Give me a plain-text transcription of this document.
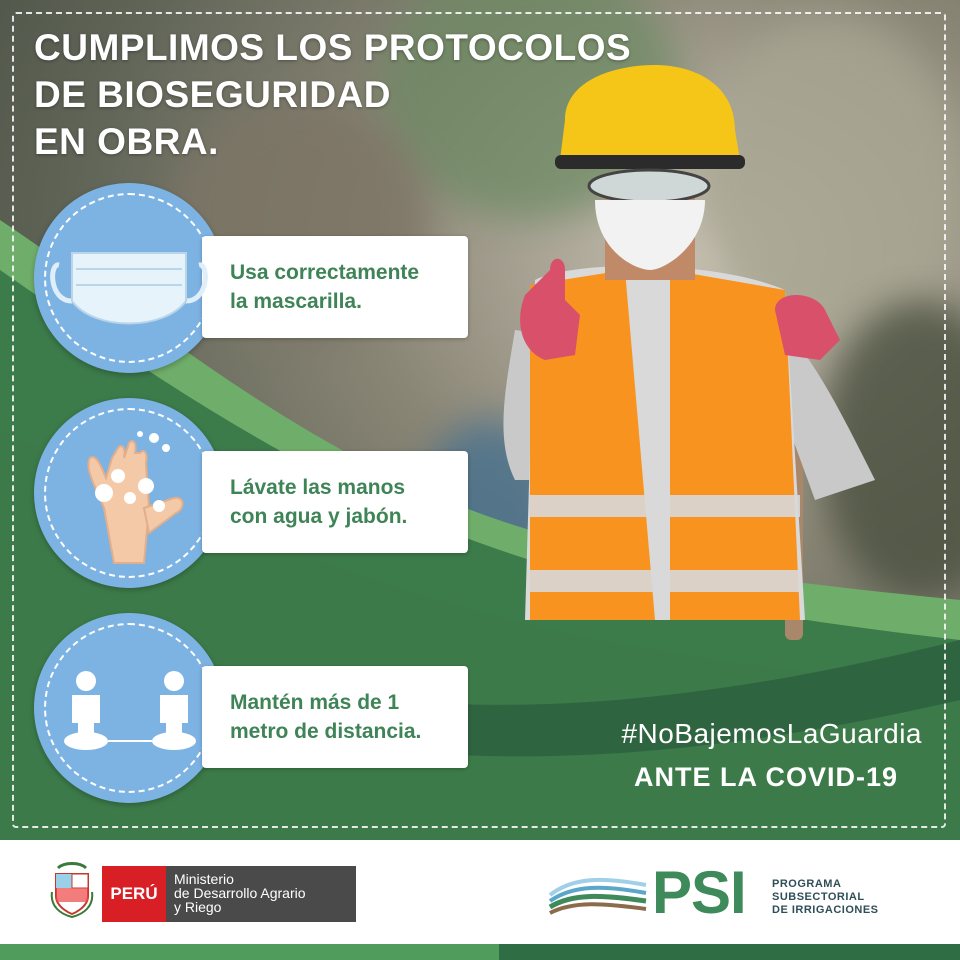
CUMPLIMOS LOS PROTOCOLOS
DE BIOSEGURIDAD
EN OBRA.

Usa correctamente
la mascarilla.

Lávate las manos
con agua y jabón.

Mantén más de 1
metro de distancia.	#NoBajemosLaGuardia

ANTE LA COVID-19

PERÚ
Ministerio
de Desarrollo Agrario
y Riego	PSI PROGRAMA
SUBSECTORIAL
DE IRRIGACIONES
